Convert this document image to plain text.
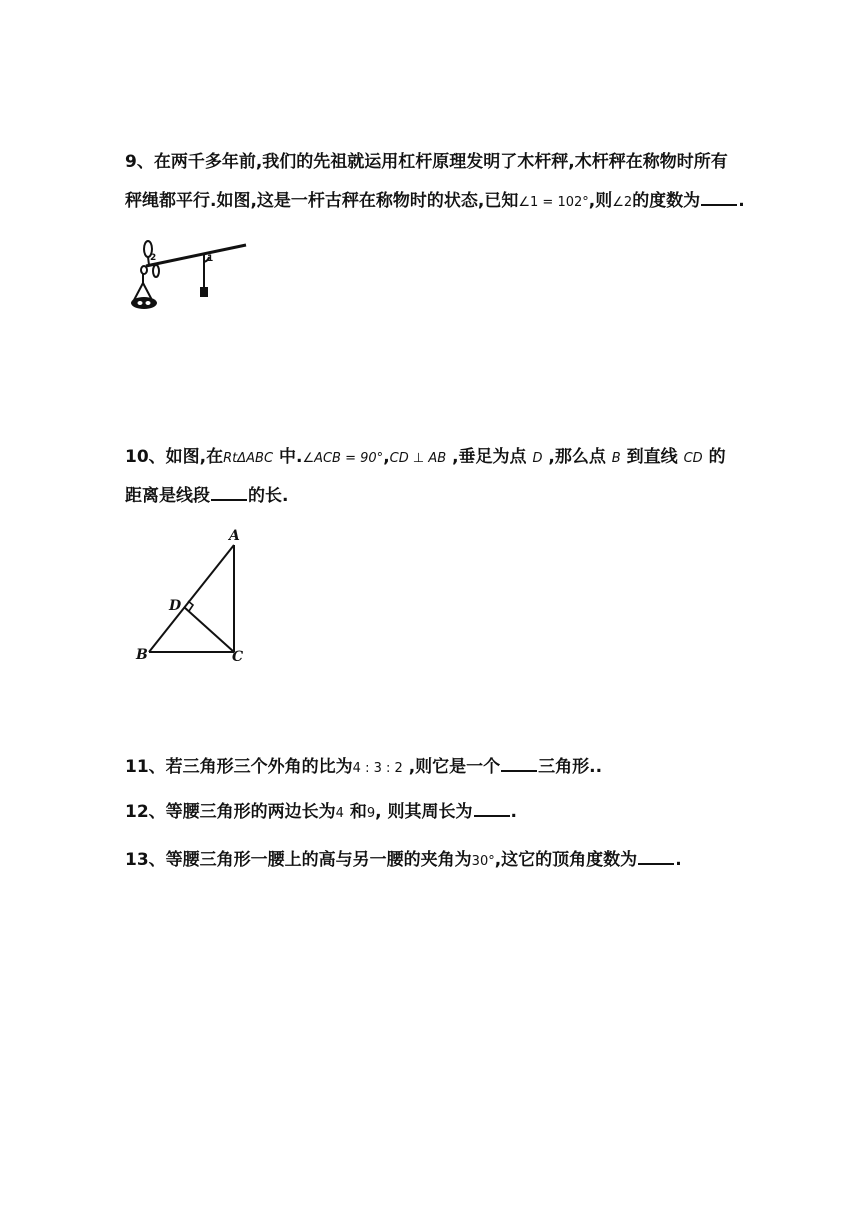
9、在两千多年前,我们的先祖就运用杠杆原理发明了木杆秤,木杆秤在称物时所有
秤绳都平行.如图,这是一杆古秤在称物时的状态,已知∠1 = 102°,则∠2的度数为 .
2	1
10、如图,在RtΔABC 中.∠ACB = 90°,CD ⊥ AB ,垂足为点 D ,那么点 B 到直线 CD 的
距离是线段 的长.
A
B	C
D
11、若三角形三个外角的比为4 : 3 : 2 ,则它是一个 三角形..
12、等腰三角形的两边长为4 和9, 则其周长为 .
13、等腰三角形一腰上的高与另一腰的夹角为30°,这它的顶角度数为 .
